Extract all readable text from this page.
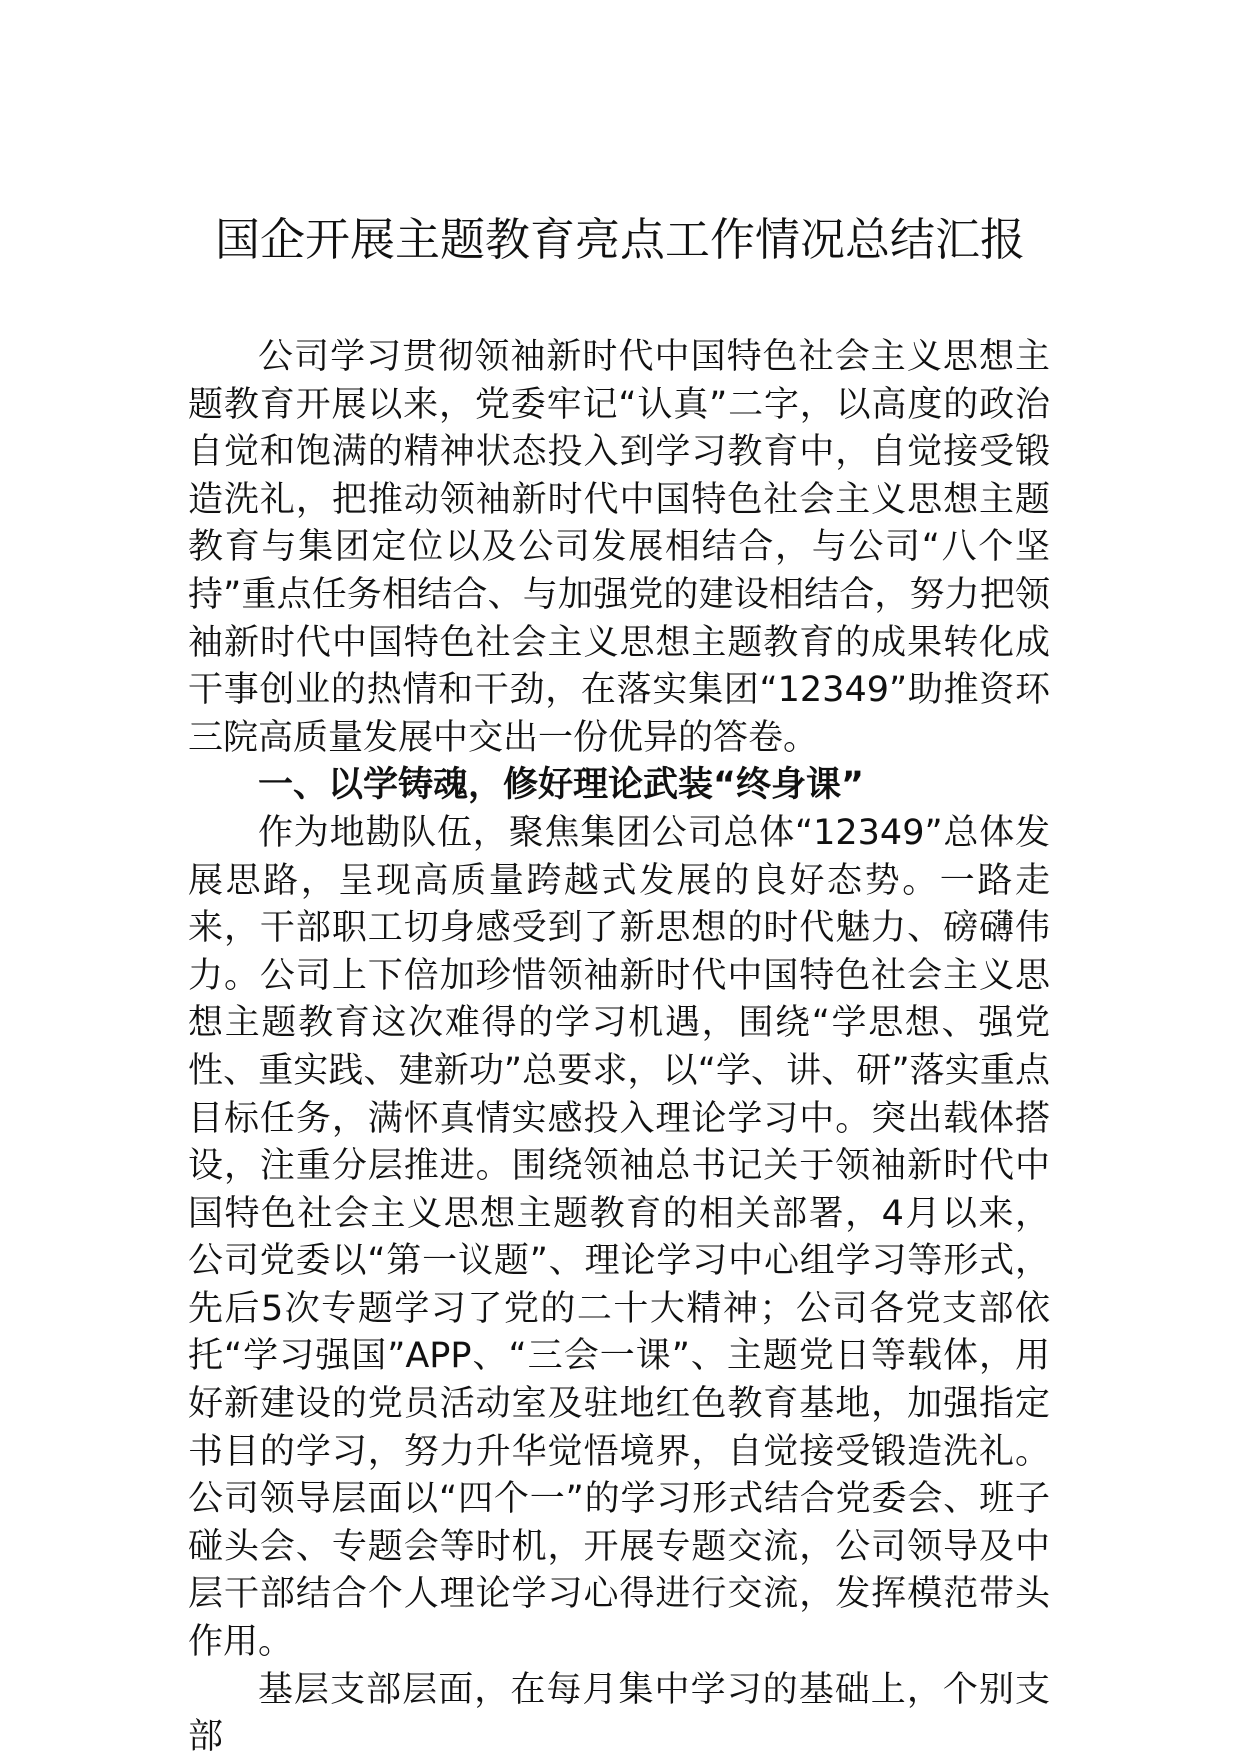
国企开展主题教育亮点工作情况总结汇报

公司学习贯彻领袖新时代中国特色社会主义思想主题教育开展以来，党委牢记“认真”二字，以高度的政治自觉和饱满的精神状态投入到学习教育中，自觉接受锻造洗礼，把推动领袖新时代中国特色社会主义思想主题教育与集团定位以及公司发展相结合，与公司“八个坚持”重点任务相结合、与加强党的建设相结合，努力把领袖新时代中国特色社会主义思想主题教育的成果转化成干事创业的热情和干劲，在落实集团“12349”助推资环三院高质量发展中交出一份优异的答卷。

一、以学铸魂，修好理论武装“终身课”

作为地勘队伍，聚焦集团公司总体“12349”总体发展思路，呈现高质量跨越式发展的良好态势。一路走来，干部职工切身感受到了新思想的时代魅力、磅礴伟力。公司上下倍加珍惜领袖新时代中国特色社会主义思想主题教育这次难得的学习机遇，围绕“学思想、强党性、重实践、建新功”总要求，以“学、讲、研”落实重点目标任务，满怀真情实感投入理论学习中。突出载体搭设，注重分层推进。围绕领袖总书记关于领袖新时代中国特色社会主义思想主题教育的相关部署，4月以来，公司党委以“第一议题”、理论学习中心组学习等形式，先后5次专题学习了党的二十大精神；公司各党支部依托“学习强国”APP、“三会一课”、主题党日等载体，用好新建设的党员活动室及驻地红色教育基地，加强指定书目的学习，努力升华觉悟境界，自觉接受锻造洗礼。公司领导层面以“四个一”的学习形式结合党委会、班子碰头会、专题会等时机，开展专题交流，公司领导及中层干部结合个人理论学习心得进行交流，发挥模范带头作用。

基层支部层面，在每月集中学习的基础上，个别支部
